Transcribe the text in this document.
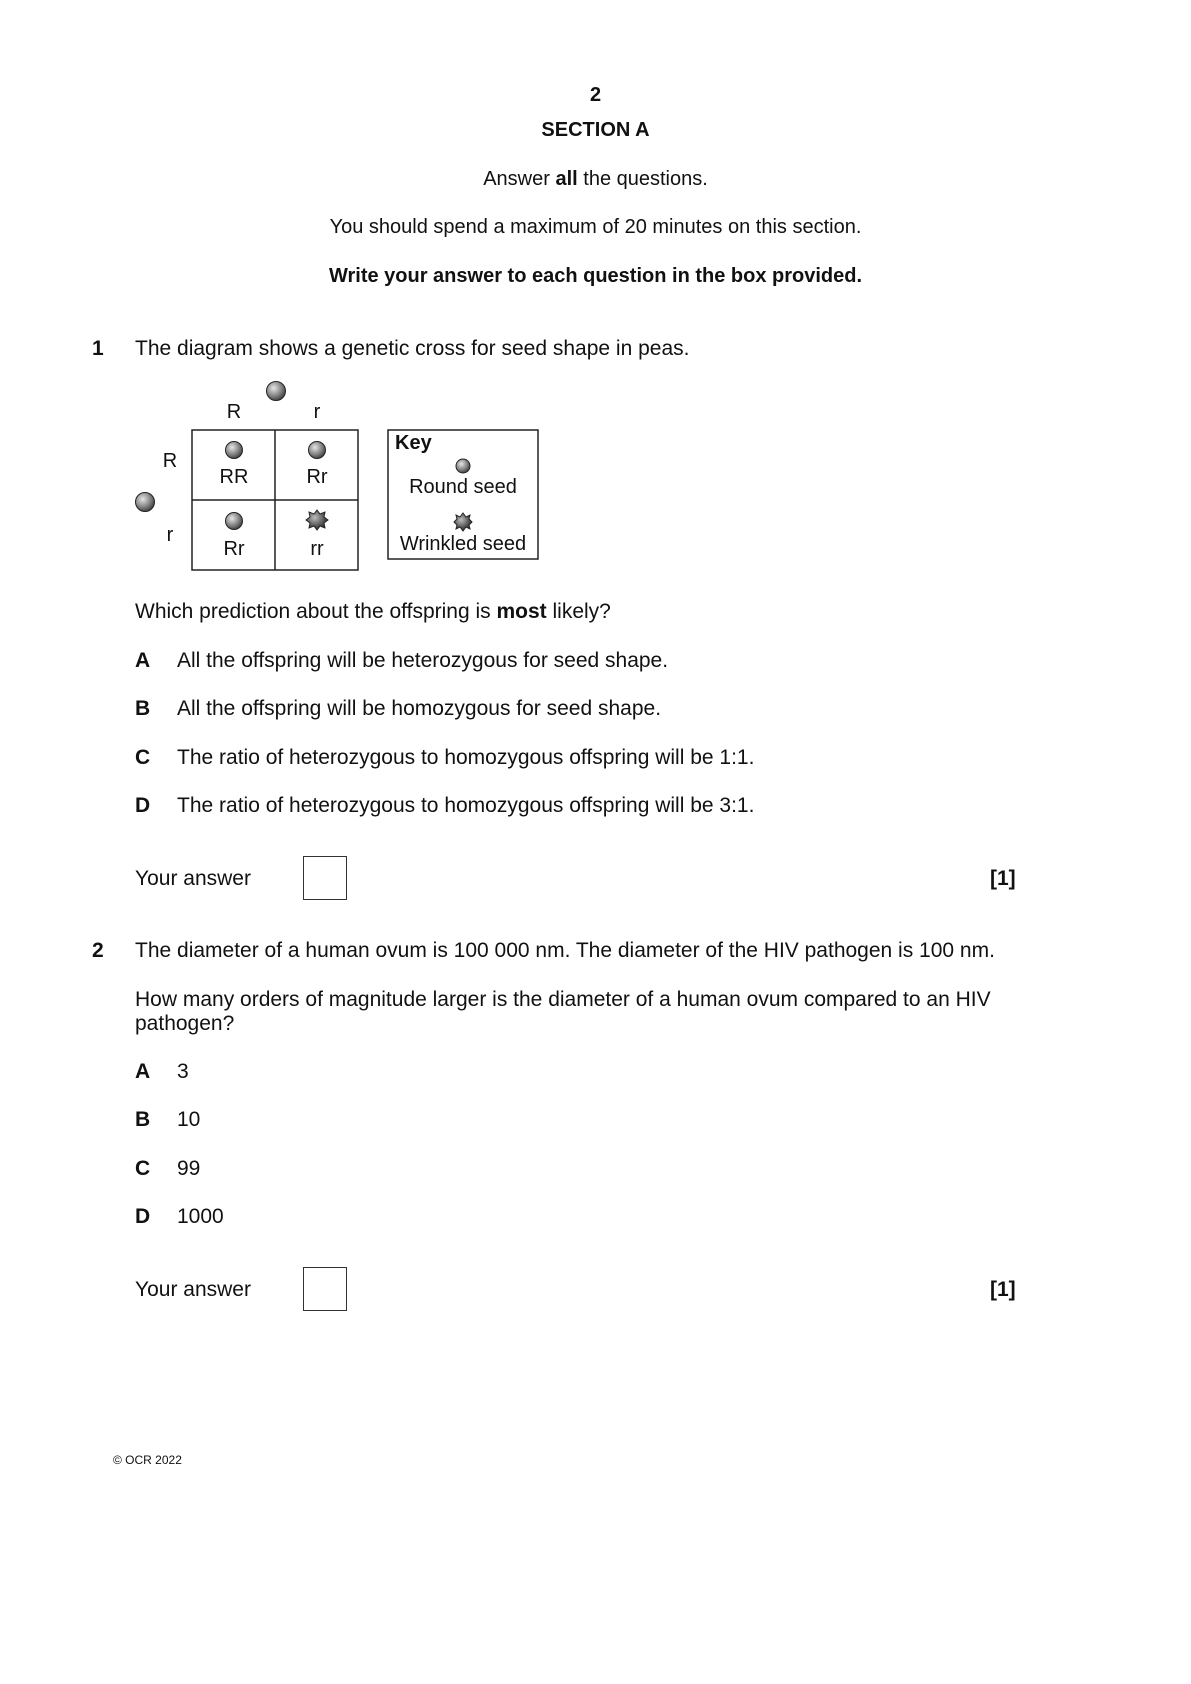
2
SECTION A
Answer all the questions.
You should spend a maximum of 20 minutes on this section.
Write your answer to each question in the box provided.
1 The diagram shows a genetic cross for seed shape in peas.
R	r
R
r
RR	Rr
Rr	rr
Key
Round seed
Wrinkled seed
Which prediction about the offspring is most likely?
A All the offspring will be heterozygous for seed shape.
B All the offspring will be homozygous for seed shape.
C The ratio of heterozygous to homozygous offspring will be 1:1.
D The ratio of heterozygous to homozygous offspring will be 3:1.
Your answer	[1]
2 The diameter of a human ovum is 100 000 nm. The diameter of the HIV pathogen is 100 nm.
How many orders of magnitude larger is the diameter of a human ovum compared to an HIV
pathogen?
A 3
B 10
C 99
D 1000
Your answer	[1]
© OCR 2022
